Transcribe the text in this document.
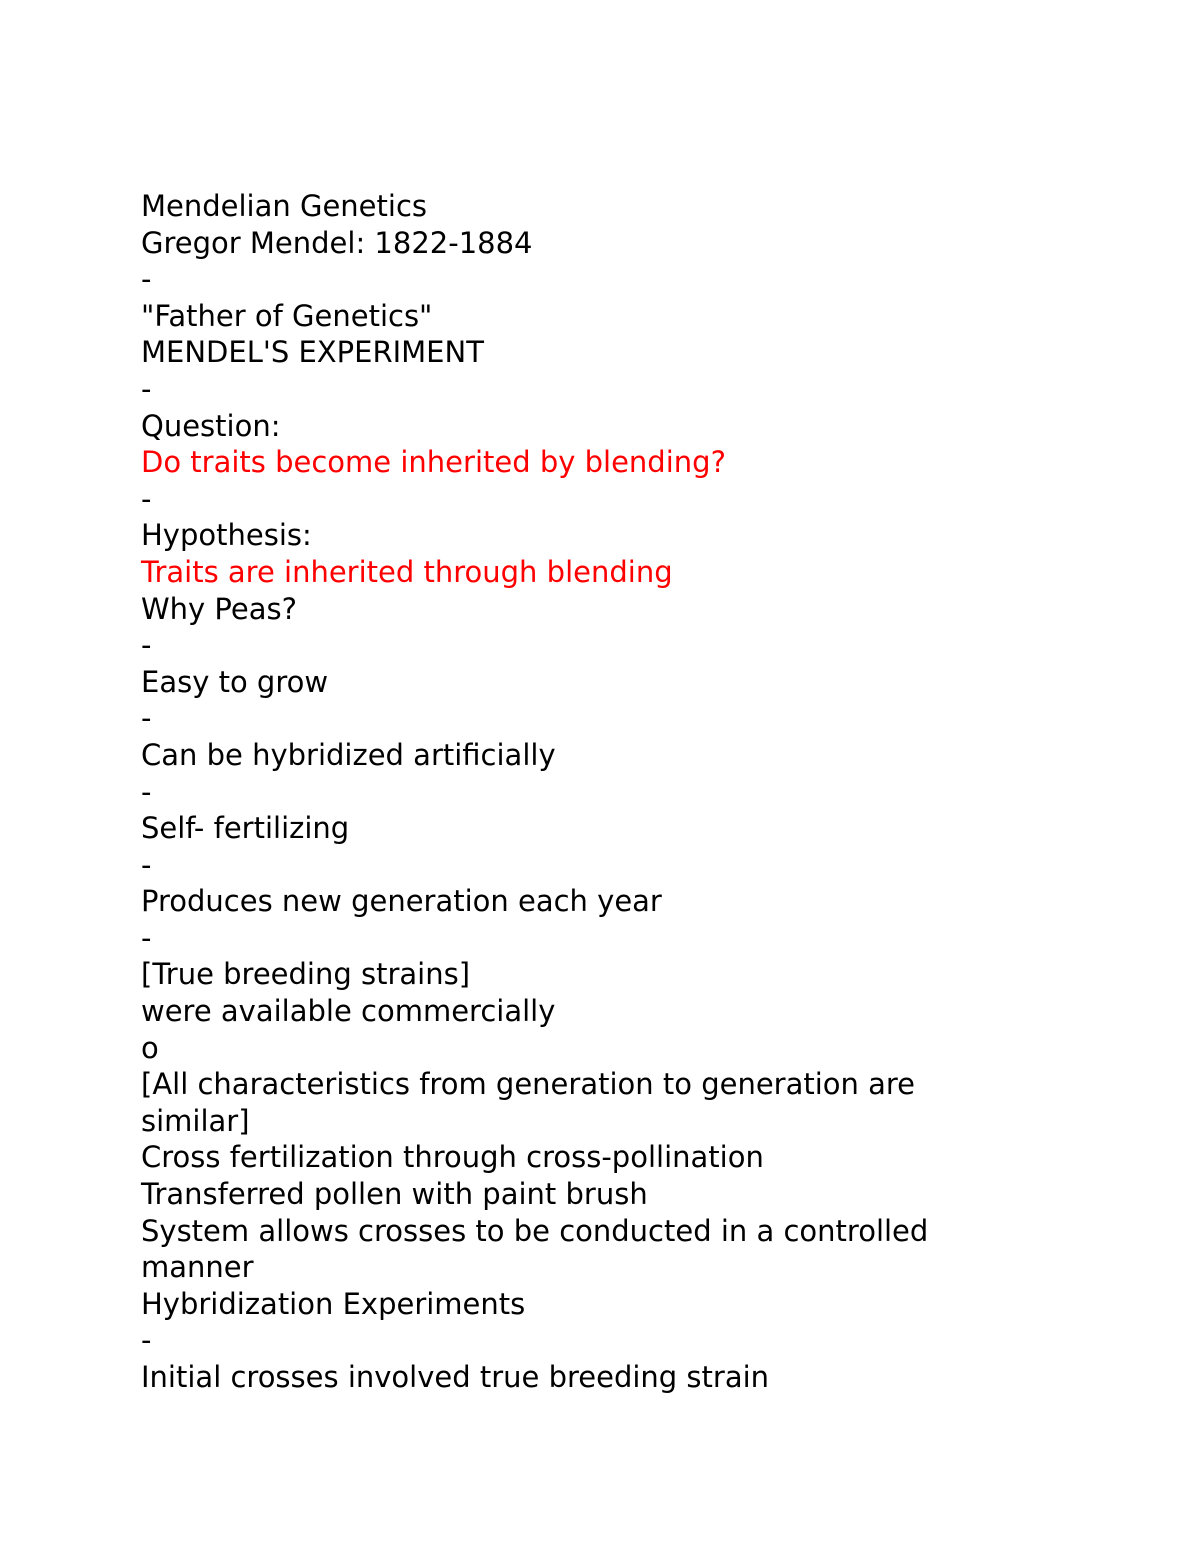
Mendelian Genetics
Gregor Mendel: 1822-1884
-
"Father of Genetics"
MENDEL'S EXPERIMENT
-
Question:
Do traits become inherited by blending?
-
Hypothesis:
Traits are inherited through blending
Why Peas?
-
Easy to grow
-
Can be hybridized artificially
-
Self- fertilizing
-
Produces new generation each year
-
[True breeding strains]
were available commercially
o
[All characteristics from generation to generation are similar]
Cross fertilization through cross-pollination
Transferred pollen with paint brush
System allows crosses to be conducted in a controlled manner
Hybridization Experiments
-
Initial crosses involved true breeding strain
